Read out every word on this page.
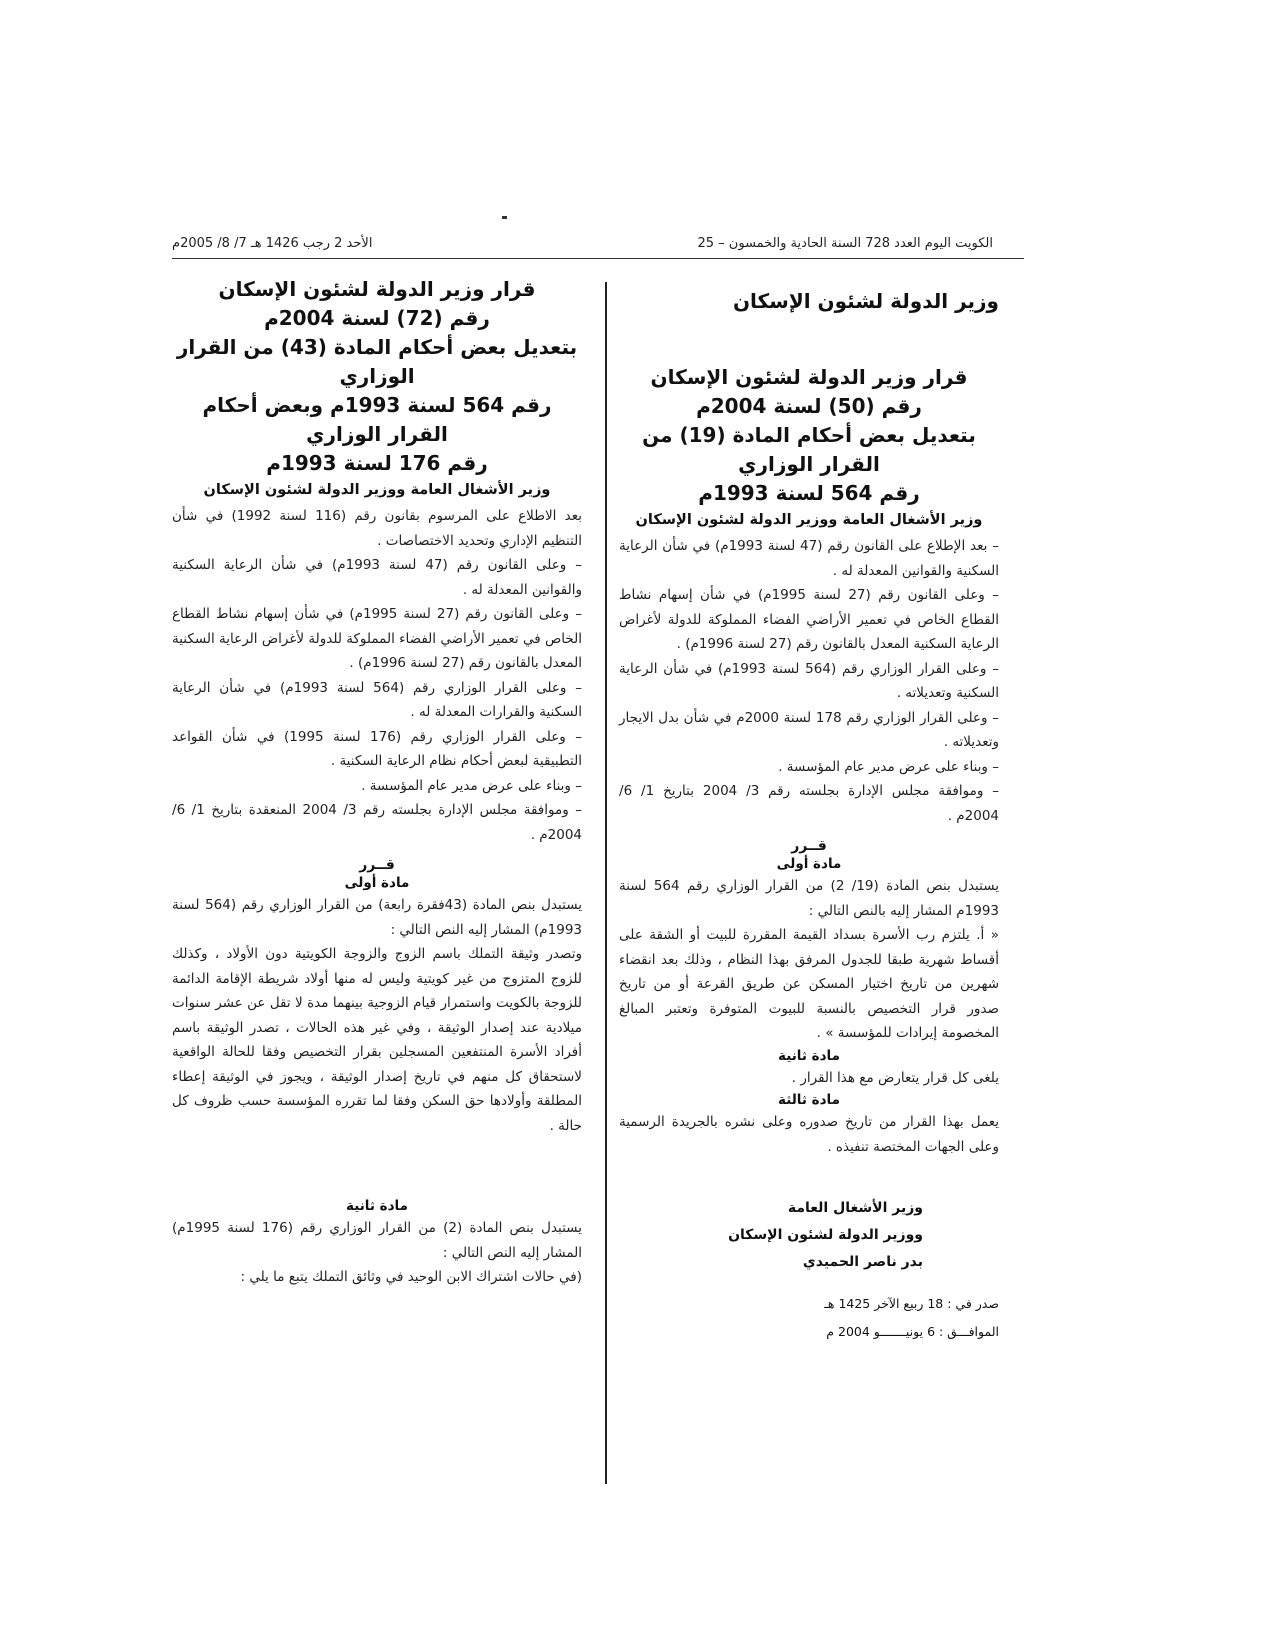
الكويت اليوم العدد 728 السنة الحادية والخمسون – 25
الأحد 2 رجب 1426 هـ 7/ 8/ 2005م
وزير الدولة لشئون الإسكان

قرار وزير الدولة لشئون الإسكان

رقم (50) لسنة 2004م

بتعديل بعض أحكام المادة (19) من القرار الوزاري

رقم 564 لسنة 1993م

وزير الأشغال العامة ووزير الدولة لشئون الإسكان

– بعد الإطلاع على القانون رقم (47 لسنة 1993م) في شأن الرعاية السكنية والقوانين المعدلة له .

– وعلى القانون رقم (27 لسنة 1995م) في شأن إسهام نشاط القطاع الخاص في تعمير الأراضي الفضاء المملوكة للدولة لأغراض الرعاية السكنية المعدل بالقانون رقم (27 لسنة 1996م) .

– وعلى القرار الوزاري رقم (564 لسنة 1993م) في شأن الرعاية السكنية وتعديلاته .

– وعلى القرار الوزاري رقم 178 لسنة 2000م في شأن بدل الايجار وتعديلاته .

– وبناء على عرض مدير عام المؤسسة .

– وموافقة مجلس الإدارة بجلسته رقم 3/ 2004 بتاريخ 1/ 6/ 2004م .

قــرر

مادة أولى

يستبدل بنص المادة (19/ 2) من القرار الوزاري رقم 564 لسنة 1993م المشار إليه بالنص التالي :

« أ. يلتزم رب الأسرة بسداد القيمة المقررة للبيت أو الشقة على أقساط شهرية طبقا للجدول المرفق بهذا النظام ، وذلك بعد انقضاء شهرين من تاريخ اختيار المسكن عن طريق القرعة أو من تاريخ صدور قرار التخصيص بالنسبة للبيوت المتوفرة وتعتبر المبالغ المخصومة إيرادات للمؤسسة » .

مادة ثانية

يلغى كل قرار يتعارض مع هذا القرار .

مادة ثالثة

يعمل بهذا القرار من تاريخ صدوره وعلى نشره بالجريدة الرسمية وعلى الجهات المختصة تنفيذه .

وزير الأشغال العامة
ووزير الدولة لشئون الإسكان
بدر ناصر الحميدي
صدر في : 18 ربيع الآخر 1425 هـ
الموافـــق : 6 يونيـــــــو 2004 م

قرار وزير الدولة لشئون الإسكان

رقم (72) لسنة 2004م

بتعديل بعض أحكام المادة (43) من القرار الوزاري

رقم 564 لسنة 1993م وبعض أحكام القرار الوزاري

رقم 176 لسنة 1993م

وزير الأشغال العامة ووزير الدولة لشئون الإسكان

بعد الاطلاع على المرسوم بقانون رقم (116 لسنة 1992) في شأن التنظيم الإداري وتحديد الاختصاصات .

– وعلى القانون رقم (47 لسنة 1993م) في شأن الرعاية السكنية والقوانين المعدلة له .

– وعلى القانون رقم (27 لسنة 1995م) في شأن إسهام نشاط القطاع الخاص في تعمير الأراضي الفضاء المملوكة للدولة لأغراض الرعاية السكنية المعدل بالقانون رقم (27 لسنة 1996م) .

– وعلى القرار الوزاري رقم (564 لسنة 1993م) في شأن الرعاية السكنية والقرارات المعدلة له .

– وعلى القرار الوزاري رقم (176 لسنة 1995) في شأن القواعد التطبيقية لبعض أحكام نظام الرعاية السكنية .

– وبناء على عرض مدير عام المؤسسة .

– وموافقة مجلس الإدارة بجلسته رقم 3/ 2004 المنعقدة بتاريخ 1/ 6/ 2004م .

قــرر

مادة أولى

يستبدل بنص المادة (43فقرة رابعة) من القرار الوزاري رقم (564 لسنة 1993م) المشار إليه النص التالي :

وتصدر وثيقة التملك باسم الزوج والزوجة الكويتية دون الأولاد ، وكذلك للزوج المتزوج من غير كويتية وليس له منها أولاد شريطة الإقامة الدائمة للزوجة بالكويت واستمرار قيام الزوجية بينهما مدة لا تقل عن عشر سنوات ميلادية عند إصدار الوثيقة ، وفي غير هذه الحالات ، تصدر الوثيقة باسم أفراد الأسرة المنتفعين المسجلين بقرار التخصيص وفقا للحالة الواقعية لاستحقاق كل منهم في تاريخ إصدار الوثيقة ، ويجوز في الوثيقة إعطاء المطلقة وأولادها حق السكن وفقا لما تقرره المؤسسة حسب ظروف كل حالة .

مادة ثانية

يستبدل بنص المادة (2) من القرار الوزاري رقم (176 لسنة 1995م) المشار إليه النص التالي :

(في حالات اشتراك الابن الوحيد في وثائق التملك يتبع ما يلي :
